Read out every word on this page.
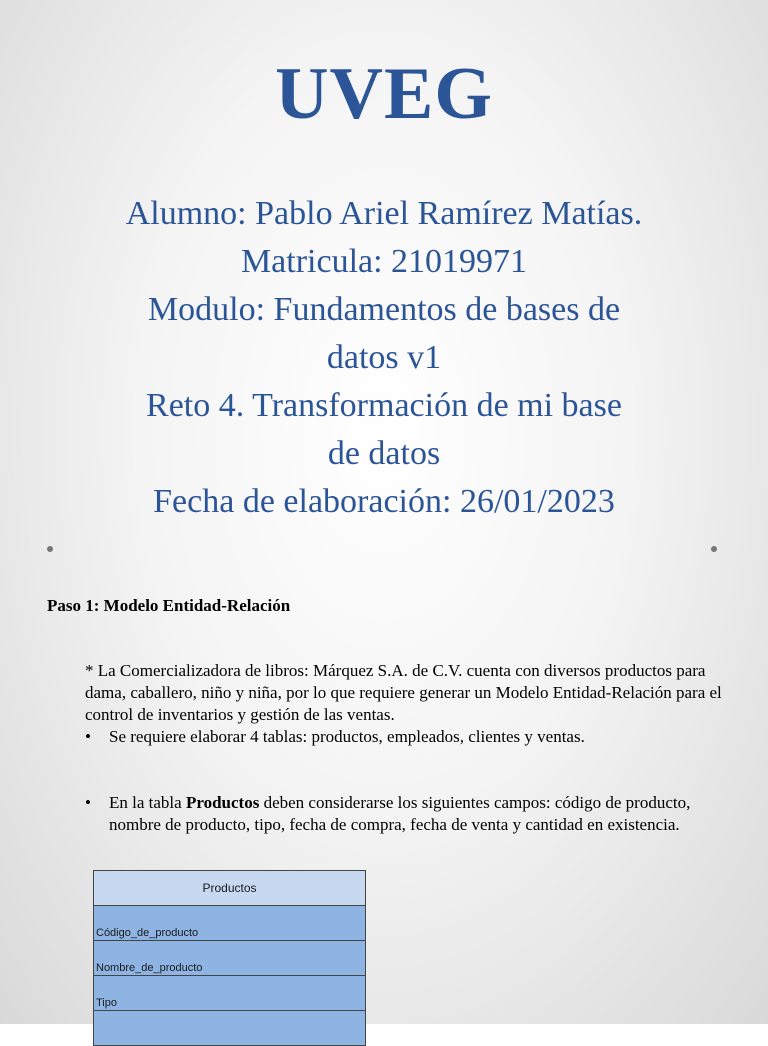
UVEG
Alumno: Pablo Ariel Ramírez Matías.
Matricula: 21019971
Modulo: Fundamentos de bases de
datos v1
Reto 4. Transformación de mi base
de datos
Fecha de elaboración: 26/01/2023
Paso 1: Modelo Entidad-Relación
* La Comercializadora de libros: Márquez S.A. de C.V. cuenta con diversos productos para dama, caballero, niño y niña, por lo que requiere generar un Modelo Entidad-Relación para el control de inventarios y gestión de las ventas.
• Se requiere elaborar 4 tablas: productos, empleados, clientes y ventas.
• En la tabla Productos deben considerarse los siguientes campos: código de producto, nombre de producto, tipo, fecha de compra, fecha de venta y cantidad en existencia.
Productos
Código_de_producto
Nombre_de_producto
Tipo
